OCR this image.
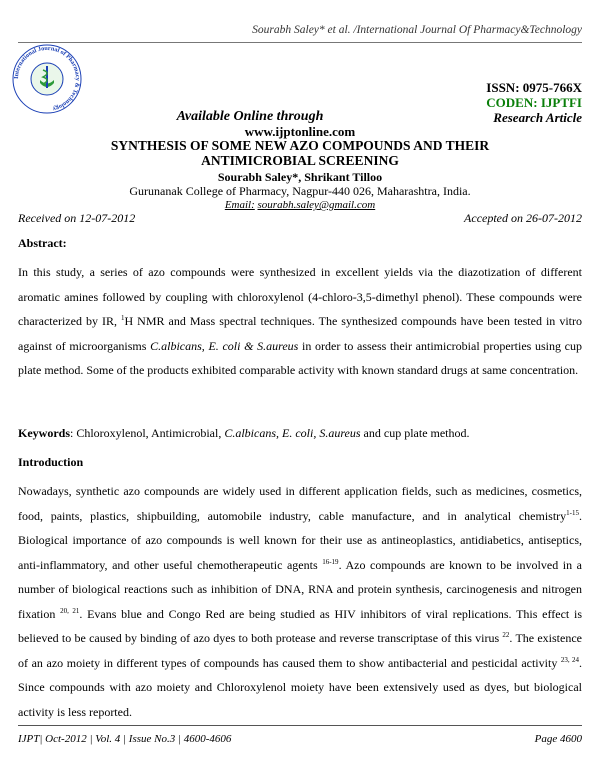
Sourabh Saley* et al. /International Journal Of Pharmacy&Technology
International Journal of Pharmacy & Technology
ISSN: 0975-766X
CODEN: IJPTFI
Research Article
Available Online through
www.ijptonline.com
SYNTHESIS OF SOME NEW AZO COMPOUNDS AND THEIR ANTIMICROBIAL SCREENING
Sourabh Saley*, Shrikant Tilloo
Gurunanak College of Pharmacy, Nagpur-440 026, Maharashtra, India.
Email: sourabh.saley@gmail.com
Received on 12-07-2012	Accepted on 26-07-2012
Abstract:
In this study, a series of azo compounds were synthesized in excellent yields via the diazotization of different aromatic amines followed by coupling with chloroxylenol (4-chloro-3,5-dimethyl phenol). These compounds were characterized by IR, $^1$H NMR and Mass spectral techniques. The synthesized compounds have been tested in vitro against of microorganisms C.albicans, E. coli & S.aureus in order to assess their antimicrobial properties using cup plate method. Some of the products exhibited comparable activity with known standard drugs at same concentration.
Keywords: Chloroxylenol, Antimicrobial, C.albicans, E. coli, S.aureus and cup plate method.
Introduction
Nowadays, synthetic azo compounds are widely used in different application fields, such as medicines, cosmetics, food, paints, plastics, shipbuilding, automobile industry, cable manufacture, and in analytical chemistry$^{1-15}$. Biological importance of azo compounds is well known for their use as antineoplastics, antidiabetics, antiseptics, anti-inflammatory, and other useful chemotherapeutic agents $^{16-19}$. Azo compounds are known to be involved in a number of biological reactions such as inhibition of DNA, RNA and protein synthesis, carcinogenesis and nitrogen fixation $^{20, 21}$. Evans blue and Congo Red are being studied as HIV inhibitors of viral replications. This effect is believed to be caused by binding of azo dyes to both protease and reverse transcriptase of this virus $^{22}$. The existence of an azo moiety in different types of compounds has caused them to show antibacterial and pesticidal activity $^{23, 24}$. Since compounds with azo moiety and Chloroxylenol moiety have been extensively used as dyes, but biological activity is less reported.
IJPT| Oct-2012 | Vol. 4 | Issue No.3 | 4600-4606	Page 4600
